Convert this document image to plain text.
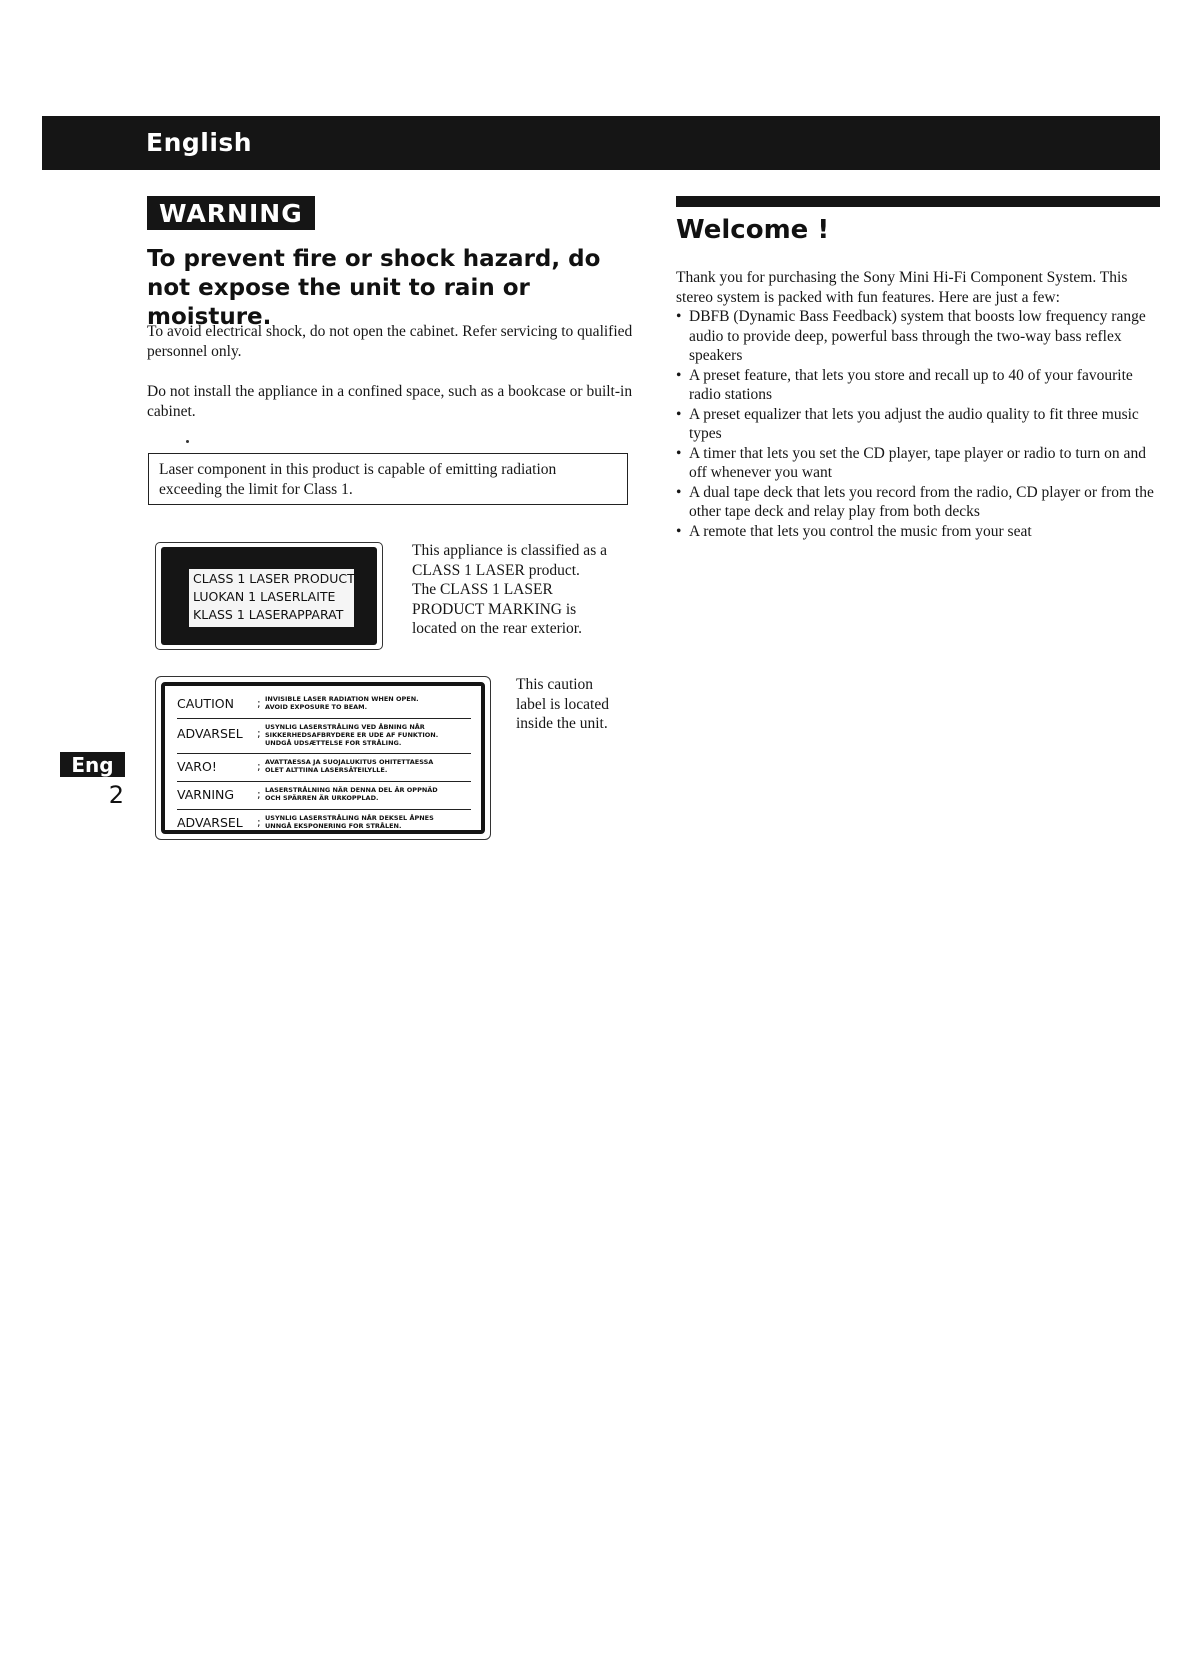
English
WARNING
To prevent fire or shock hazard, do not expose the unit to rain or moisture.

To avoid electrical shock, do not open the cabinet. Refer servicing to qualified personnel only.

Do not install the appliance in a confined space, such as a bookcase or built-in cabinet.

Laser component in this product is capable of emitting radiation exceeding the limit for Class 1.
CLASS 1 LASER PRODUCT
LUOKAN 1 LASERLAITE
KLASS 1 LASERAPPARAT
This appliance is classified as a
CLASS 1 LASER product.
The CLASS 1 LASER
PRODUCT MARKING is
located on the rear exterior.
CAUTION ; INVISIBLE LASER RADIATION WHEN OPEN.
AVOID EXPOSURE TO BEAM.
ADVARSEL ; USYNLIG LASERSTRÅLING VED ÅBNING NÅR
SIKKERHEDSAFBRYDERE ER UDE AF FUNKTION.
UNDGÅ UDSÆTTELSE FOR STRÅLING.
VARO!	; AVATTAESSA JA SUOJALUKITUS OHITETTAESSA
OLET ALTTIINA LASERSÄTEILYLLE.
VARNING ; LASERSTRÅLNING NÄR DENNA DEL ÄR OPPNÄD
OCH SPÄRREN ÄR URKOPPLAD.
ADVARSEL ; USYNLIG LASERSTRÅLING NÅR DEKSEL ÅPNES
UNNGÅ EKSPONERING FOR STRÅLEN.
This caution
label is located
inside the unit.
Welcome !

Thank you for purchasing the Sony Mini Hi-Fi Component System. This stereo system is packed with fun features. Here are just a few:

• DBFB (Dynamic Bass Feedback) system that boosts low frequency range audio to provide deep, powerful bass through the two-way bass reflex speakers
• A preset feature, that lets you store and recall up to 40 of your favourite radio stations
• A preset equalizer that lets you adjust the audio quality to fit three music types
• A timer that lets you set the CD player, tape player or radio to turn on and off whenever you want
• A dual tape deck that lets you record from the radio, CD player or from the other tape deck and relay play from both decks
• A remote that lets you control the music from your seat
Eng
2
